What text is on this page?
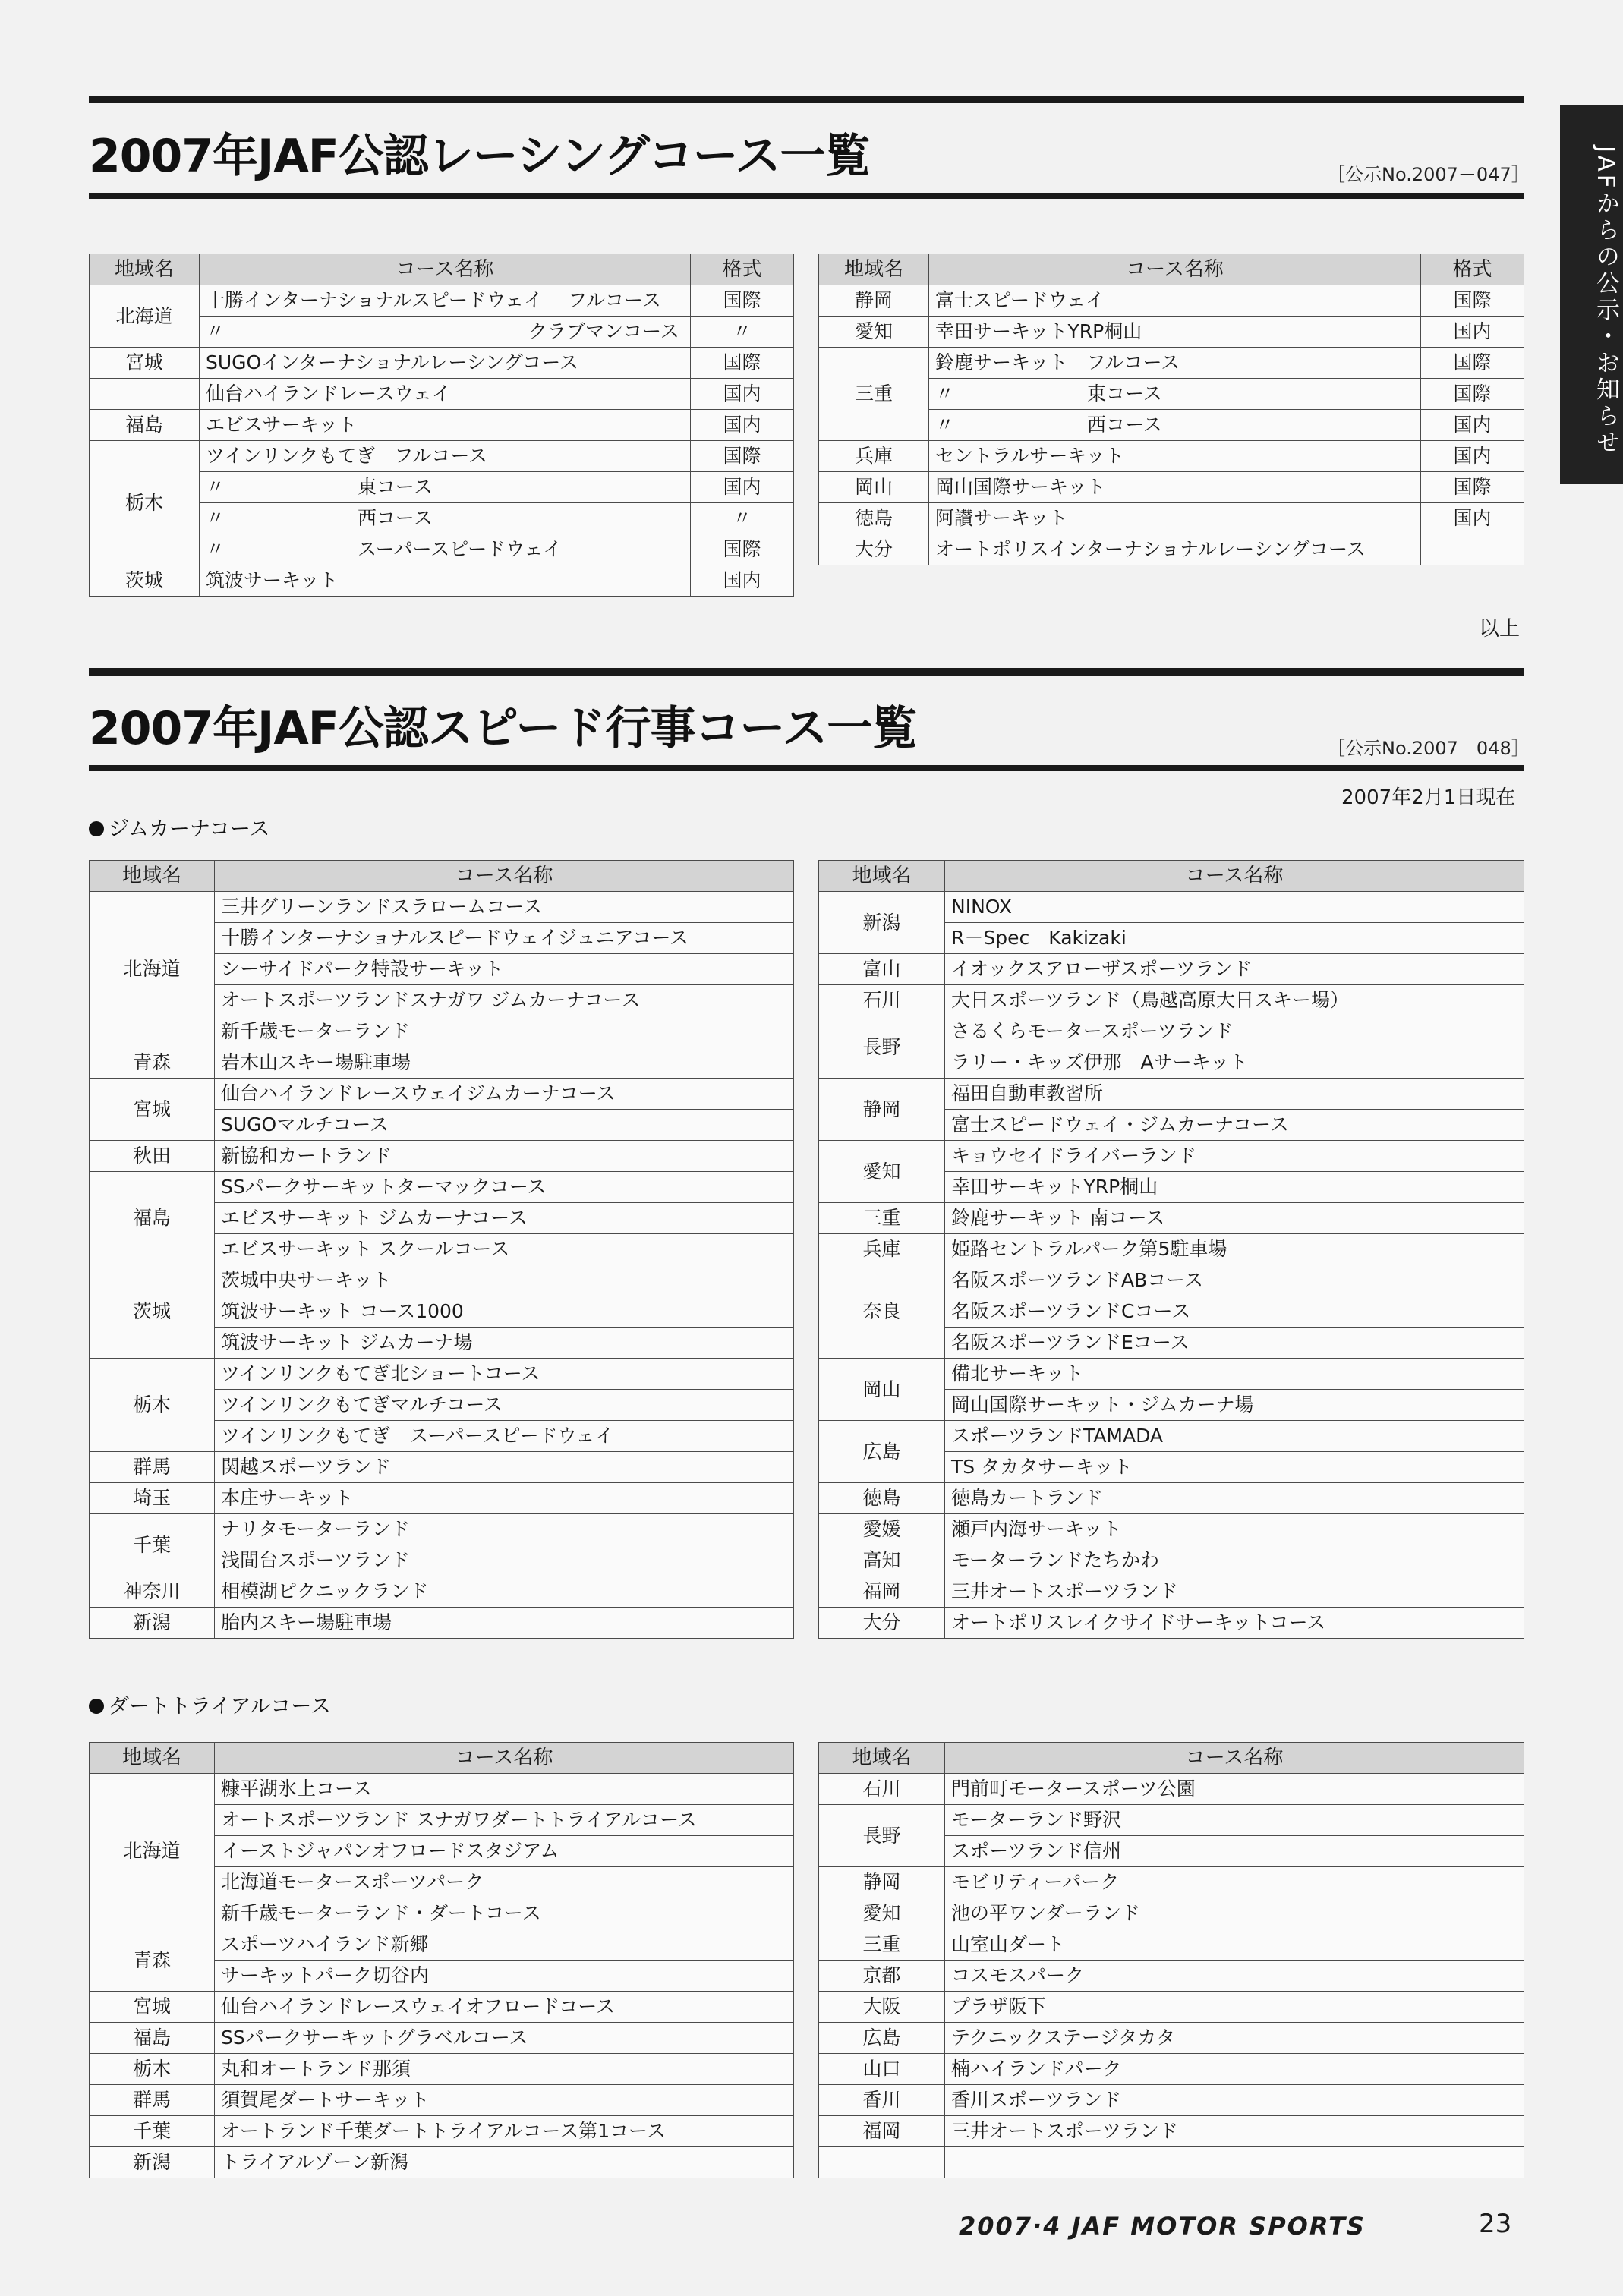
JAFからの公示・お知らせ
2007年JAF公認レーシングコース一覧	［公示No.2007－047］
地域名	コース名称	格式
北海道	十勝インターナショナルスピードウェイ　 フルコース	国際
	〃　　　　　　　　　　　　　　　　クラブマンコース	〃
宮城	SUGOインターナショナルレーシングコース	国際
	仙台ハイランドレースウェイ	国内
福島	エビスサーキット	国内
栃木	ツインリンクもてぎ　フルコース	国際
	〃　　　　　　　東コース	国内
	〃　　　　　　　西コース	〃
	〃　　　　　　　スーパースピードウェイ	国際
茨城	筑波サーキット	国内
地域名	コース名称	格式
静岡	富士スピードウェイ	国際
愛知	幸田サーキットYRP桐山	国内
三重	鈴鹿サーキット　フルコース	国際
	〃　　　　　　　東コース	国際
	〃　　　　　　　西コース	国内
兵庫	セントラルサーキット	国内
岡山	岡山国際サーキット	国際
徳島	阿讃サーキット	国内
大分	オートポリスインターナショナルレーシングコース	
以上
2007年JAF公認スピード行事コース一覧	［公示No.2007－048］
2007年2月1日現在
ジムカーナコース
地域名	コース名称
北海道	三井グリーンランドスラロームコース
	十勝インターナショナルスピードウェイジュニアコース
	シーサイドパーク特設サーキット
	オートスポーツランドスナガワ ジムカーナコース
	新千歳モーターランド
青森	岩木山スキー場駐車場
宮城	仙台ハイランドレースウェイジムカーナコース
	SUGOマルチコース
秋田	新協和カートランド
福島	SSパークサーキットターマックコース
	エビスサーキット ジムカーナコース
	エビスサーキット スクールコース
茨城	茨城中央サーキット
	筑波サーキット コース1000
	筑波サーキット ジムカーナ場
栃木	ツインリンクもてぎ北ショートコース
	ツインリンクもてぎマルチコース
	ツインリンクもてぎ　スーパースピードウェイ
群馬	関越スポーツランド
埼玉	本庄サーキット
千葉	ナリタモーターランド
	浅間台スポーツランド
神奈川	相模湖ピクニックランド
新潟	胎内スキー場駐車場
地域名	コース名称
新潟	NINOX
	R－Spec　Kakizaki
富山	イオックスアローザスポーツランド
石川	大日スポーツランド（鳥越高原大日スキー場）
長野	さるくらモータースポーツランド
	ラリー・キッズ伊那　Aサーキット
静岡	福田自動車教習所
	富士スピードウェイ・ジムカーナコース
愛知	キョウセイドライバーランド
	幸田サーキットYRP桐山
三重	鈴鹿サーキット 南コース
兵庫	姫路セントラルパーク第5駐車場
奈良	名阪スポーツランドABコース
	名阪スポーツランドCコース
	名阪スポーツランドEコース
岡山	備北サーキット
	岡山国際サーキット・ジムカーナ場
広島	スポーツランドTAMADA
	TS タカタサーキット
徳島	徳島カートランド
愛媛	瀬戸内海サーキット
高知	モーターランドたちかわ
福岡	三井オートスポーツランド
大分	オートポリスレイクサイドサーキットコース
ダートトライアルコース
地域名	コース名称
北海道	糠平湖氷上コース
	オートスポーツランド スナガワダートトライアルコース
	イーストジャパンオフロードスタジアム
	北海道モータースポーツパーク
	新千歳モーターランド・ダートコース
青森	スポーツハイランド新郷
	サーキットパーク切谷内
宮城	仙台ハイランドレースウェイオフロードコース
福島	SSパークサーキットグラベルコース
栃木	丸和オートランド那須
群馬	須賀尾ダートサーキット
千葉	オートランド千葉ダートトライアルコース第1コース
新潟	トライアルゾーン新潟
地域名	コース名称
石川	門前町モータースポーツ公園
長野	モーターランド野沢
	スポーツランド信州
静岡	モビリティーパーク
愛知	池の平ワンダーランド
三重	山室山ダート
京都	コスモスパーク
大阪	プラザ阪下
広島	テクニックステージタカタ
山口	楠ハイランドパーク
香川	香川スポーツランド
福岡	三井オートスポーツランド

2007·4 JAF MOTOR SPORTS	23
